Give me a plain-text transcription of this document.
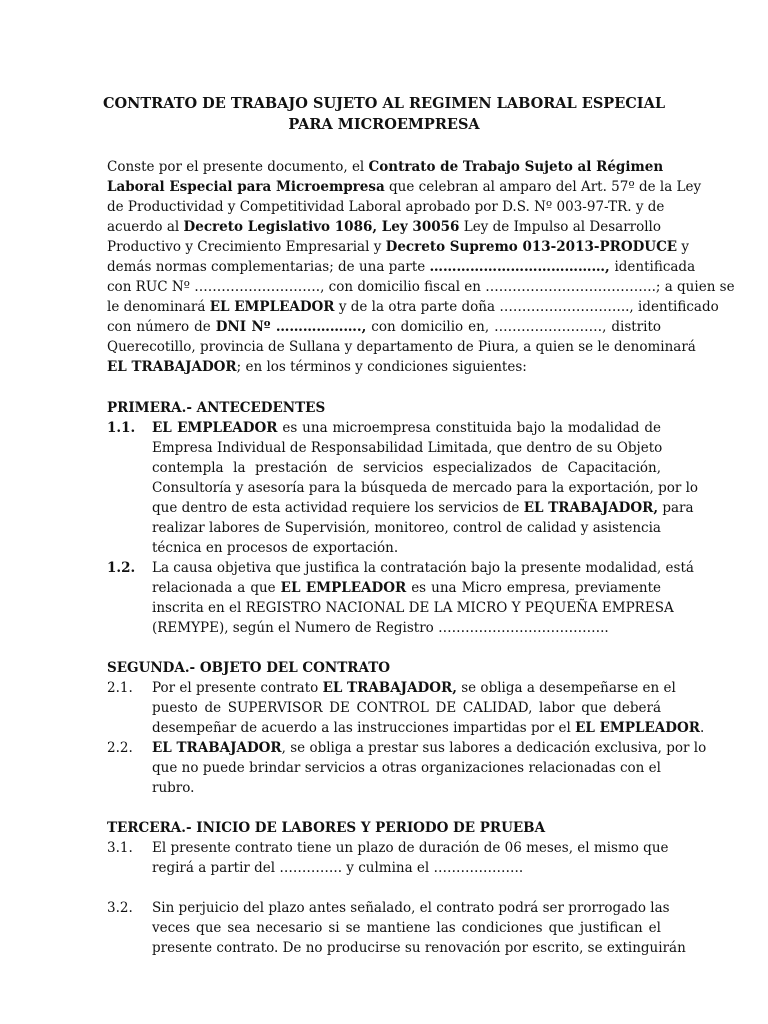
CONTRATO DE TRABAJO SUJETO AL REGIMEN LABORAL ESPECIAL
PARA MICROEMPRESA
Conste por el presente documento, el Contrato de Trabajo Sujeto al Régimen
Laboral Especial para Microempresa que celebran al amparo del Art. 57º de la Ley
de Productividad y Competitividad Laboral aprobado por D.S. Nº 003-97-TR. y de
acuerdo al Decreto Legislativo 1086, Ley 30056 Ley de Impulso al Desarrollo
Productivo y Crecimiento Empresarial y Decreto Supremo 013-2013-PRODUCE y
demás normas complementarias; de una parte …………………………………, identificada
con RUC Nº ………………………., con domicilio fiscal en ………………………………..; a quien se
le denominará EL EMPLEADOR y de la otra parte doña ……………………….., identificado
con número de DNI Nº ………………., con domicilio en, ……………………, distrito
Querecotillo, provincia de Sullana y departamento de Piura, a quien se le denominará
EL TRABAJADOR; en los términos y condiciones siguientes:
PRIMERA.- ANTECEDENTES
1.1. EL EMPLEADOR es una microempresa constituida bajo la modalidad de
Empresa Individual de Responsabilidad Limitada, que dentro de su Objeto
contempla la prestación de servicios especializados de Capacitación,
Consultoría y asesoría para la búsqueda de mercado para la exportación, por lo
que dentro de esta actividad requiere los servicios de EL TRABAJADOR, para
realizar labores de Supervisión, monitoreo, control de calidad y asistencia
técnica en procesos de exportación.
1.2. La causa objetiva que justifica la contratación bajo la presente modalidad, está
relacionada a que EL EMPLEADOR es una Micro empresa, previamente
inscrita en el REGISTRO NACIONAL DE LA MICRO Y PEQUEÑA EMPRESA
(REMYPE), según el Numero de Registro ………………………………..
SEGUNDA.- OBJETO DEL CONTRATO
2.1. Por el presente contrato EL TRABAJADOR, se obliga a desempeñarse en el
puesto de SUPERVISOR DE CONTROL DE CALIDAD, labor que deberá
desempeñar de acuerdo a las instrucciones impartidas por el EL EMPLEADOR.
2.2. EL TRABAJADOR, se obliga a prestar sus labores a dedicación exclusiva, por lo
que no puede brindar servicios a otras organizaciones relacionadas con el
rubro.
TERCERA.- INICIO DE LABORES Y PERIODO DE PRUEBA
3.1. El presente contrato tiene un plazo de duración de 06 meses, el mismo que
regirá a partir del ………….. y culmina el ………………..
3.2. Sin perjuicio del plazo antes señalado, el contrato podrá ser prorrogado las
veces que sea necesario si se mantiene las condiciones que justifican el
presente contrato. De no producirse su renovación por escrito, se extinguirán
